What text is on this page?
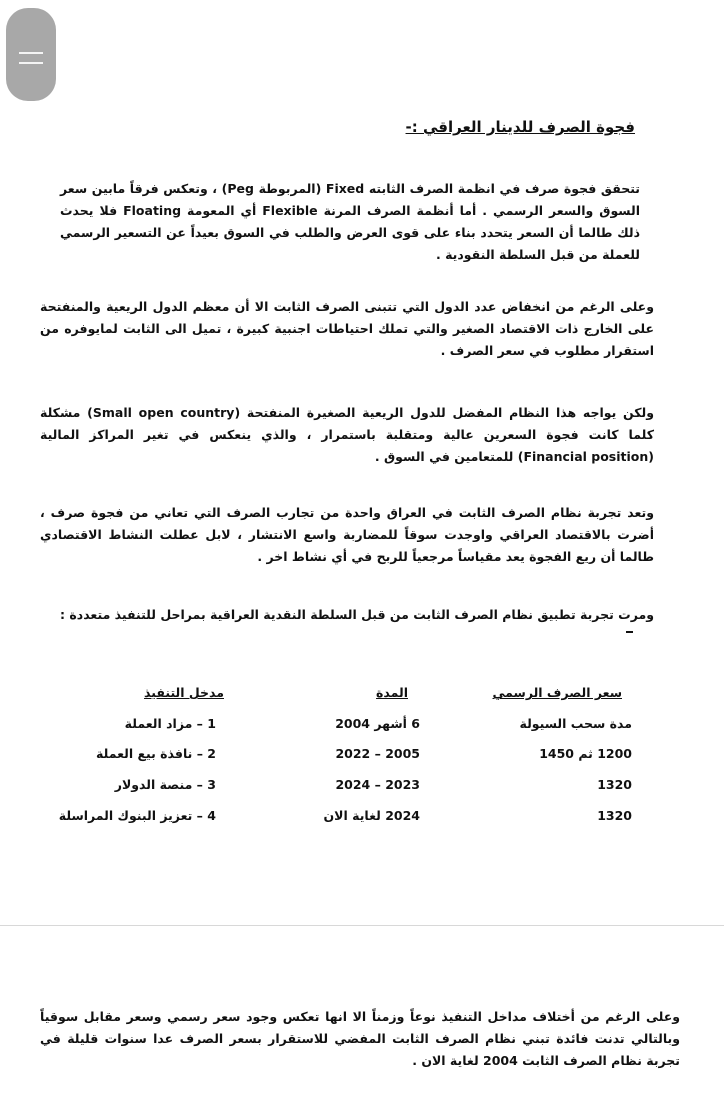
فجوة الصرف للدينار العراقي :-
تتحقق فجوة صرف في انظمة الصرف الثابته Fixed (المربوطة Peg) ، وتعكس فرقاً مابين سعر السوق والسعر الرسمي . أما أنظمة الصرف المرنة Flexible أي المعومة Floating فلا يحدث ذلك طالما أن السعر يتحدد بناء على قوى العرض والطلب في السوق بعيداً عن التسعير الرسمي للعملة من قبل السلطة النقودية .
وعلى الرغم من انخفاض عدد الدول التي تتبنى الصرف الثابت الا أن معظم الدول الريعية والمنفتحة على الخارج ذات الاقتصاد الصغير والتي تملك احتياطات اجنبية كبيرة ، تميل الى الثابت لمايوفره من استقرار مطلوب في سعر الصرف .
ولكن يواجه هذا النظام المفضل للدول الريعية الصغيرة المنفتحة (Small open country) مشكلة كلما كانت فجوة السعرين عالية ومتقلبة باستمرار ، والذي ينعكس في تغير المراكز المالية (Financial position) للمتعامين في السوق .
وتعد تجربة نظام الصرف الثابت في العراق واحدة من تجارب الصرف التي تعاني من فجوة صرف ، أضرت بالاقتصاد العراقي واوجدت سوقاً للمضاربة واسع الانتشار ، لابل عطلت النشاط الاقتصادي طالما أن ريع الفجوة يعد مقياساً مرجعياً للربح في أي نشاط اخر .
ومرت تجربة تطبيق نظام الصرف الثابت من قبل السلطة النقدية العراقية بمراحل للتنفيذ متعددة :
سعر الصرف الرسمي
المدة
مدخل التنفيذ
مدة سحب السيولة
6 أشهر 2004
1 – مزاد العملة
1200 ثم 1450
2005 – 2022
2 – نافذة بيع العملة
1320
2023 – 2024
3 – منصة الدولار
1320
2024 لغاية الان
4 – تعزيز البنوك المراسلة
وعلى الرغم من أختلاف مداخل التنفيذ نوعاً وزمناً الا انها تعكس وجود سعر رسمي وسعر مقابل سوقياً وبالتالي تدنت فائدة تبني نظام الصرف الثابت المفضي للاستقرار بسعر الصرف عدا سنوات قليلة في تجربة نظام الصرف الثابت 2004 لغاية الان .
